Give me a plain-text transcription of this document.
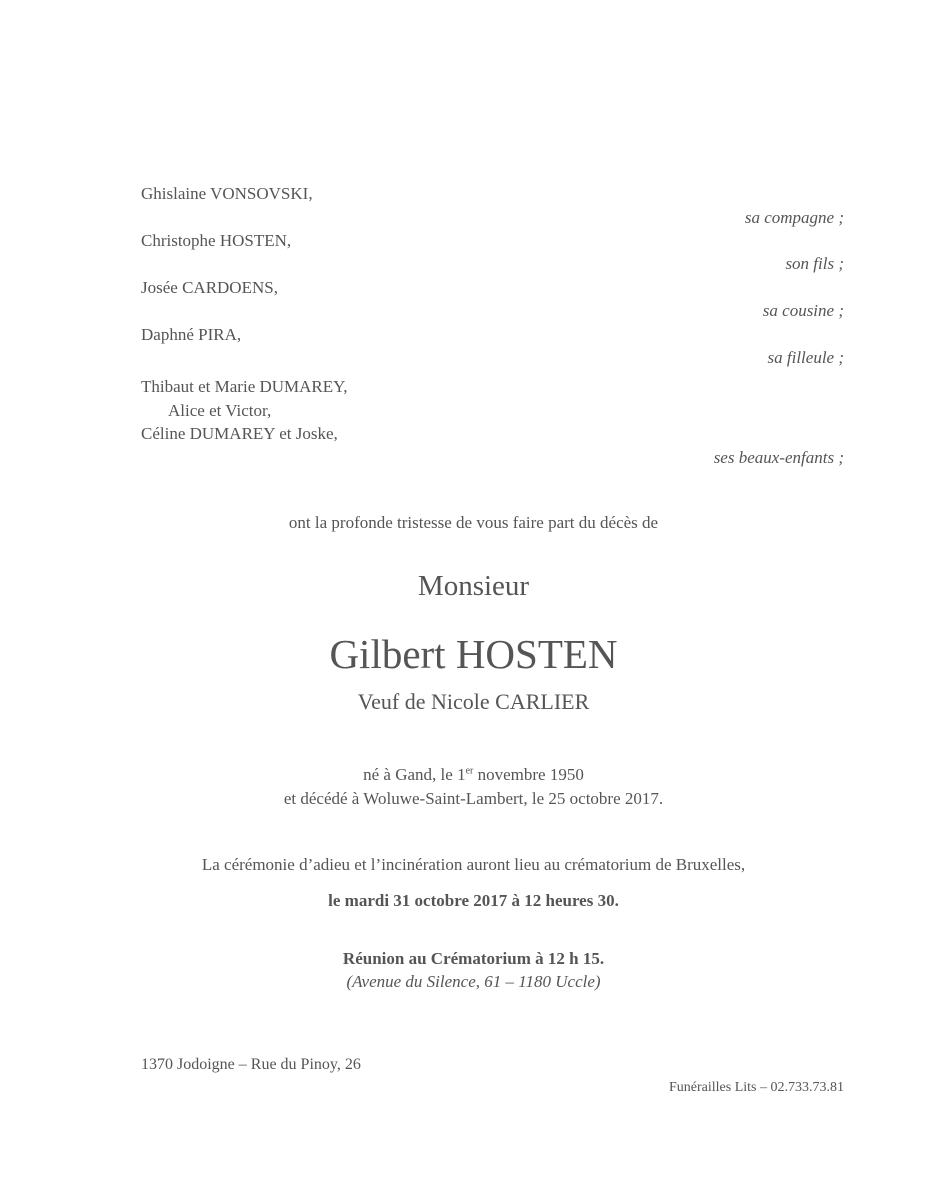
Ghislaine VONSOVSKI,
sa compagne ;
Christophe HOSTEN,
son fils ;
Josée CARDOENS,
sa cousine ;
Daphné PIRA,
sa filleule ;
Thibaut et Marie DUMAREY,
Alice et Victor,
Céline DUMAREY et Joske,
ses beaux-enfants ;
ont la profonde tristesse de vous faire part du décès de
Monsieur
Gilbert HOSTEN
Veuf de Nicole CARLIER
né à Gand, le 1er novembre 1950
et décédé à Woluwe-Saint-Lambert, le 25 octobre 2017.
La cérémonie d’adieu et l’incinération auront lieu au crématorium de Bruxelles,
le mardi 31 octobre 2017 à 12 heures 30.
Réunion au Crématorium à 12 h 15.
(Avenue du Silence, 61 – 1180 Uccle)
1370 Jodoigne – Rue du Pinoy, 26
Funérailles Lits – 02.733.73.81
